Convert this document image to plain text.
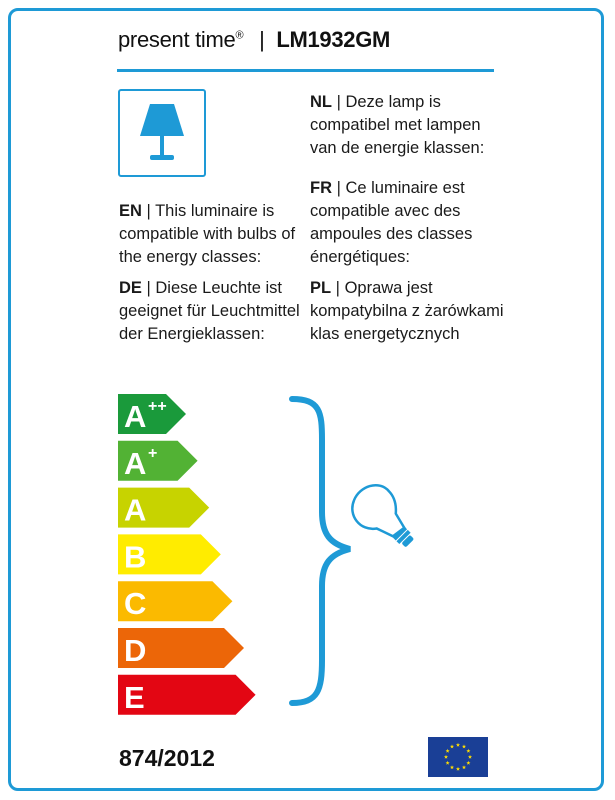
present time® | LM1932GM
EN | This luminaire is compatible with bulbs of the energy classes:
DE | Diese Leuchte ist geeignet für Leuchtmittel der Energieklassen:
NL | Deze lamp is compatibel met lampen van de energie klassen:
FR | Ce luminaire est compatible avec des ampoules des classes énergétiques:
PL | Oprawa jest kompatybilna z żarówkami klas energetycznych
A ++
A +
A
B
C
D
E
874/2012
